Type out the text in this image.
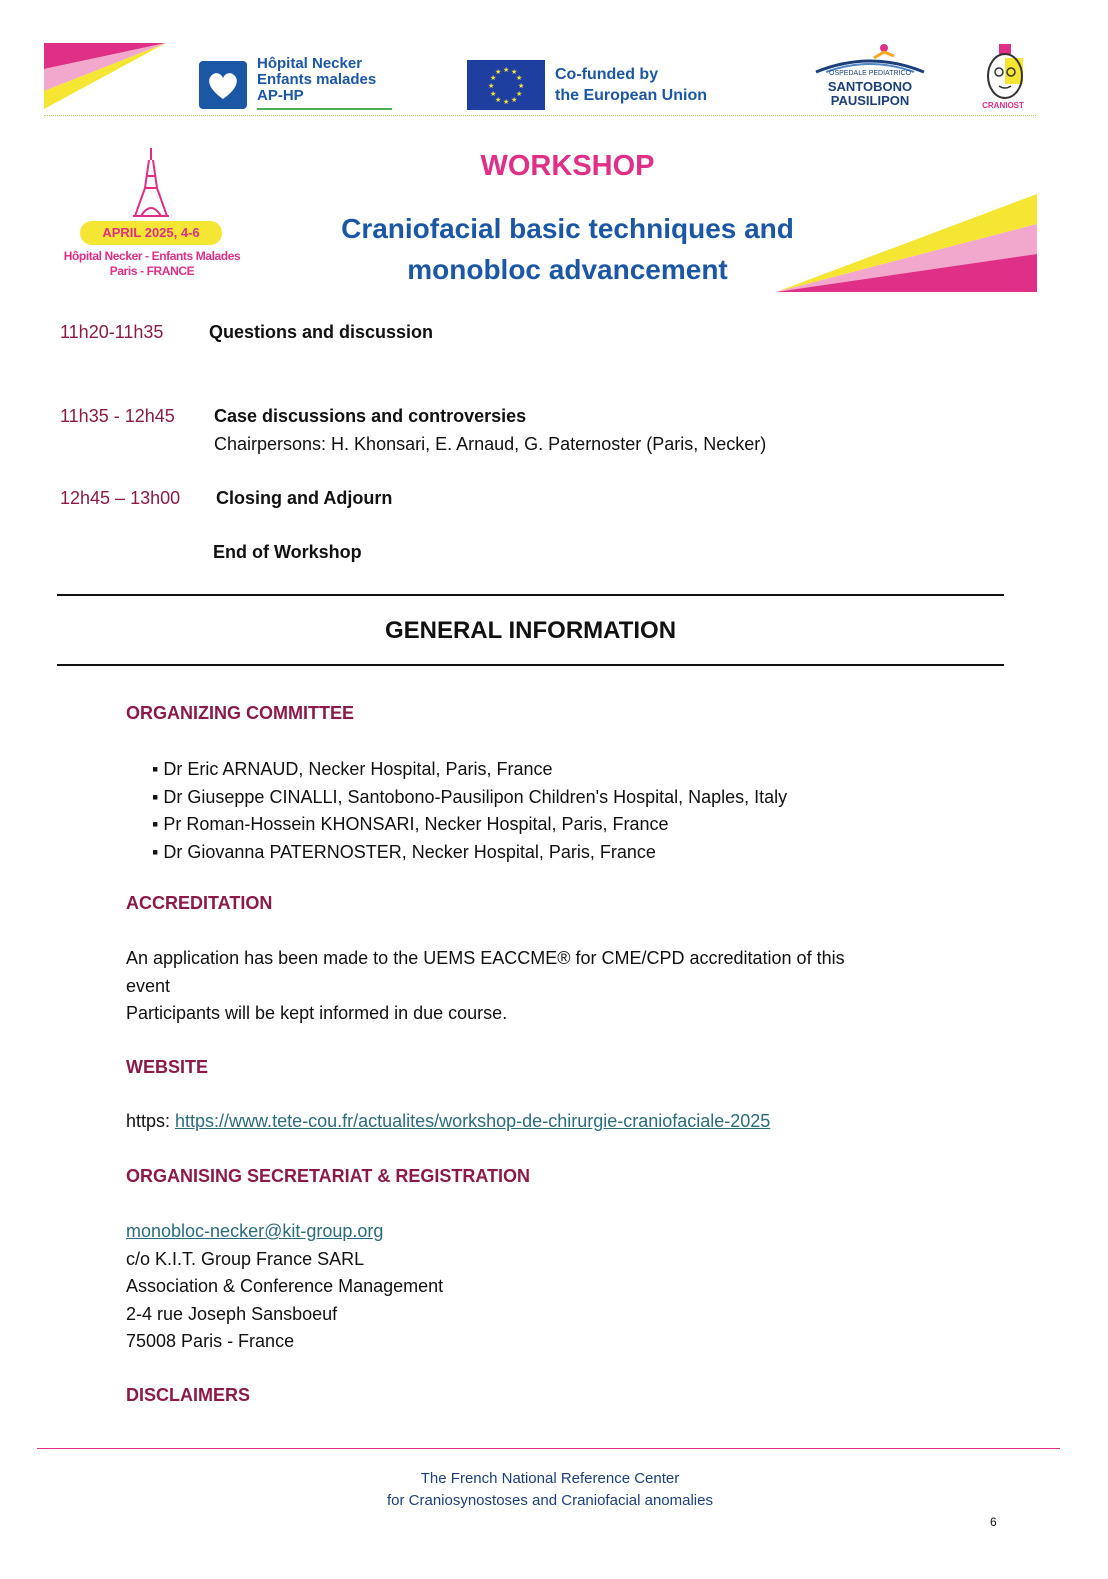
Hôpital Necker
Enfants malades
AP-HP
★ ★
★
★
★
★
★
★
★
★
★
★	Co-funded by
the European Union
OSPEDALE PEDIATRICO
SANTOBONO
PAUSILIPON	CRANIOST
APRIL 2025, 4-6
Hôpital Necker - Enfants Malades
Paris - FRANCE
WORKSHOP
Craniofacial basic techniques and
monobloc advancement
11h20-11h35	Questions and discussion
11h35 - 12h45 Case discussions and controversies
Chairpersons: H. Khonsari, E. Arnaud, G. Paternoster (Paris, Necker)
12h45 – 13h00 Closing and Adjourn
End of Workshop
GENERAL INFORMATION
ORGANIZING COMMITTEE
▪ Dr Eric ARNAUD, Necker Hospital, Paris, France
▪ Dr Giuseppe CINALLI, Santobono-Pausilipon Children's Hospital, Naples, Italy
▪ Pr Roman-Hossein KHONSARI, Necker Hospital, Paris, France
▪ Dr Giovanna PATERNOSTER, Necker Hospital, Paris, France
ACCREDITATION
An application has been made to the UEMS EACCME® for CME/CPD accreditation of this
event
Participants will be kept informed in due course.
WEBSITE
https: https://www.tete-cou.fr/actualites/workshop-de-chirurgie-craniofaciale-2025
ORGANISING SECRETARIAT & REGISTRATION
monobloc-necker@kit-group.org
c/o K.I.T. Group France SARL
Association & Conference Management
2-4 rue Joseph Sansboeuf
75008 Paris - France
DISCLAIMERS
The French National Reference Center
for Craniosynostoses and Craniofacial anomalies
6
